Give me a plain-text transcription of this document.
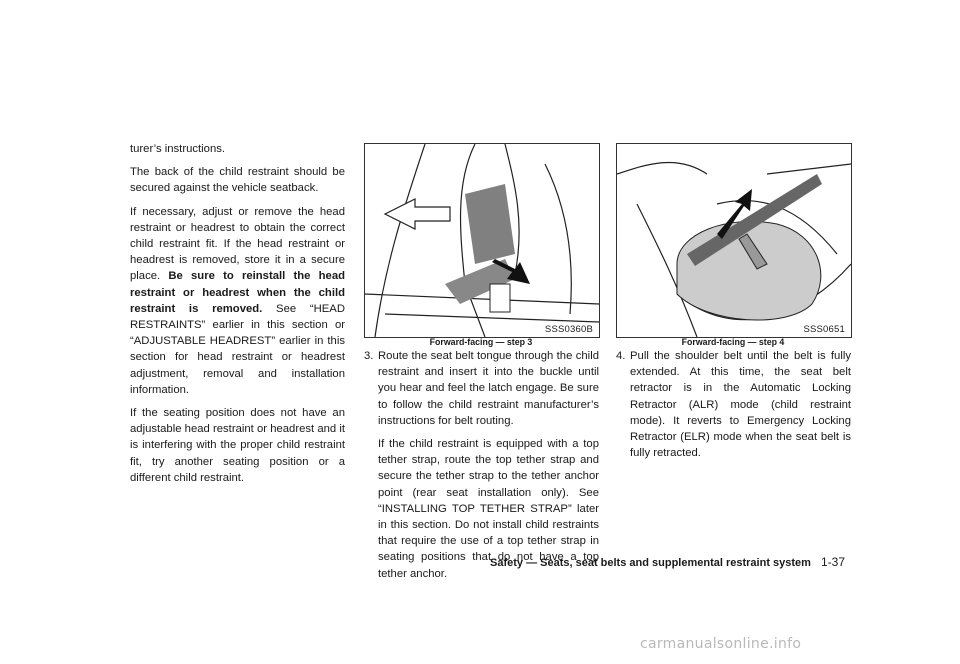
turer’s instructions.

The back of the child restraint should be secured against the vehicle seatback.

If necessary, adjust or remove the head restraint or headrest to obtain the correct child restraint fit. If the head restraint or headrest is removed, store it in a secure place. Be sure to reinstall the head restraint or headrest when the child restraint is removed. See “HEAD RESTRAINTS” earlier in this section or “ADJUSTABLE HEADREST” earlier in this section for head restraint or headrest adjustment, removal and installation information.

If the seating position does not have an adjustable head restraint or headrest and it is interfering with the proper child restraint fit, try another seating position or a different child restraint.

SSS0360B
Forward-facing — step 3
SSS0651
Forward-facing — step 4
3. Route the seat belt tongue through the child restraint and insert it into the buckle until you hear and feel the latch engage. Be sure to follow the child restraint manufacturer’s instructions for belt routing.

If the child restraint is equipped with a top tether strap, route the top tether strap and secure the tether strap to the tether anchor point (rear seat installation only). See “INSTALLING TOP TETHER STRAP” later in this section. Do not install child restraints that require the use of a top tether strap in seating positions that do not have a top tether anchor.

4. Pull the shoulder belt until the belt is fully extended. At this time, the seat belt retractor is in the Automatic Locking Retractor (ALR) mode (child restraint mode). It reverts to Emergency Locking Retractor (ELR) mode when the seat belt is fully retracted.

Safety — Seats, seat belts and supplemental restraint system 1-37
carmanualsonline.info
